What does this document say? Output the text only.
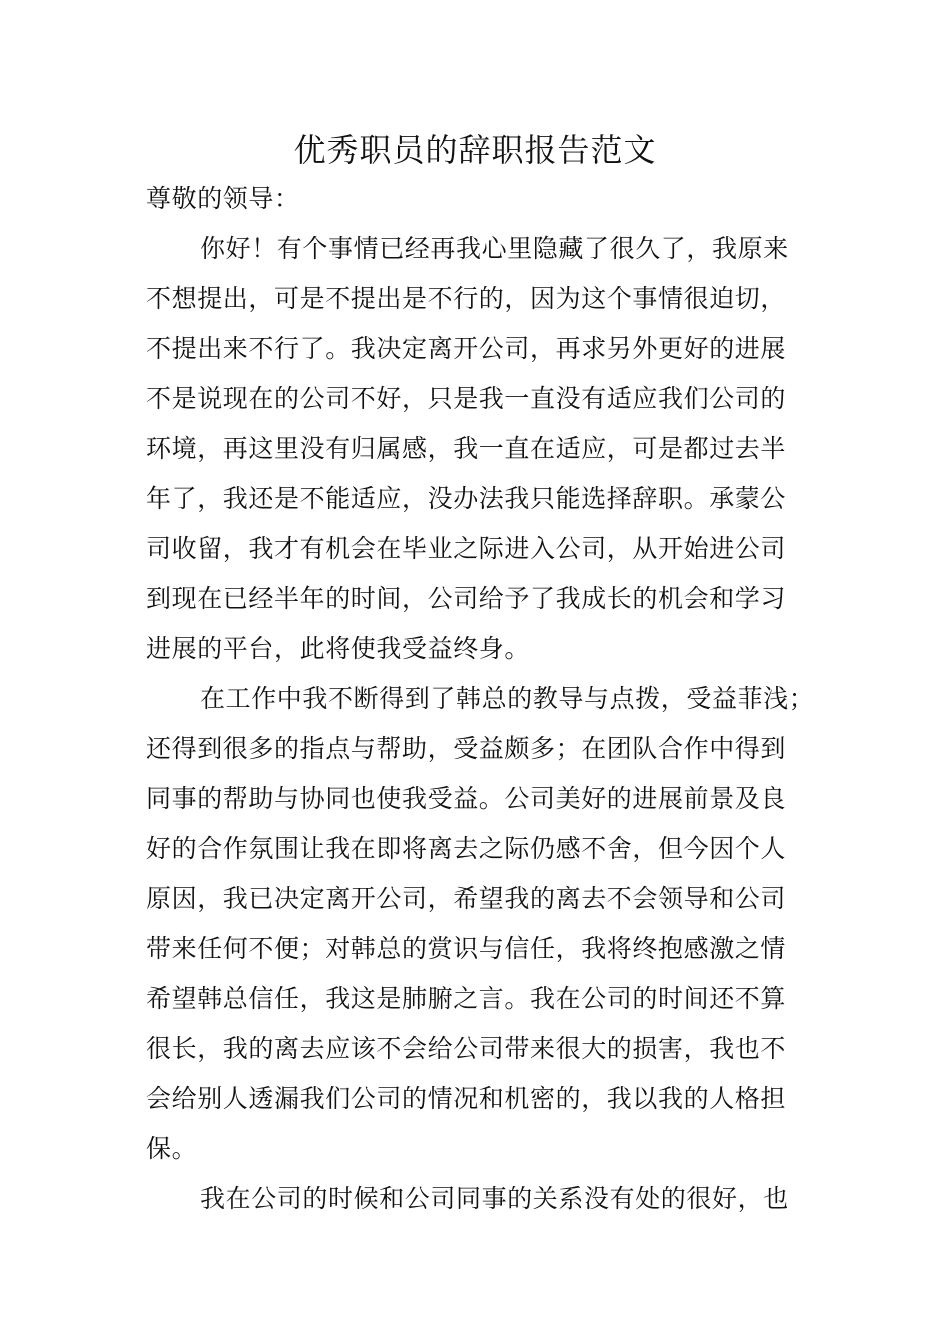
优秀职员的辞职报告范文
尊敬的领导：
你好！有个事情已经再我心里隐藏了很久了，我原来
不想提出，可是不提出是不行的，因为这个事情很迫切，
不提出来不行了。我决定离开公司，再求另外更好的进展
不是说现在的公司不好，只是我一直没有适应我们公司的
环境，再这里没有归属感，我一直在适应，可是都过去半
年了，我还是不能适应，没办法我只能选择辞职。承蒙公
司收留，我才有机会在毕业之际进入公司，从开始进公司
到现在已经半年的时间，公司给予了我成长的机会和学习
进展的平台，此将使我受益终身。
在工作中我不断得到了韩总的教导与点拨，受益菲浅；
还得到很多的指点与帮助，受益颇多；在团队合作中得到
同事的帮助与协同也使我受益。公司美好的进展前景及良
好的合作氛围让我在即将离去之际仍感不舍，但今因个人
原因，我已决定离开公司，希望我的离去不会领导和公司
带来任何不便；对韩总的赏识与信任，我将终抱感激之情
希望韩总信任，我这是肺腑之言。我在公司的时间还不算
很长，我的离去应该不会给公司带来很大的损害，我也不
会给别人透漏我们公司的情况和机密的，我以我的人格担
保。
我在公司的时候和公司同事的关系没有处的很好，也
